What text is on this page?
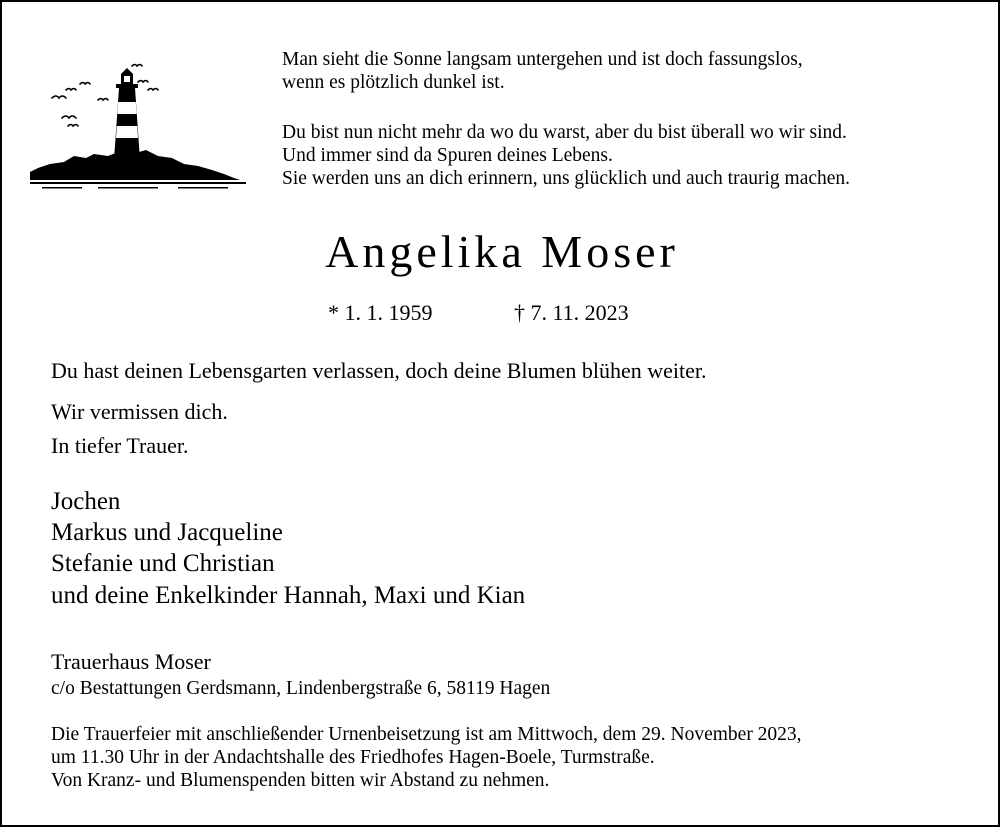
Man sieht die Sonne langsam untergehen und ist doch fassungslos,
wenn es plötzlich dunkel ist.
Du bist nun nicht mehr da wo du warst, aber du bist überall wo wir sind.
Und immer sind da Spuren deines Lebens.
Sie werden uns an dich erinnern, uns glücklich und auch traurig machen.
Angelika Moser
* 1. 1. 1959	† 7. 11. 2023
Du hast deinen Lebensgarten verlassen, doch deine Blumen blühen weiter.
Wir vermissen dich.
In tiefer Trauer.
Jochen
Markus und Jacqueline
Stefanie und Christian
und deine Enkelkinder Hannah, Maxi und Kian
Trauerhaus Moser
c/o Bestattungen Gerdsmann, Lindenbergstraße 6, 58119 Hagen
Die Trauerfeier mit anschließender Urnenbeisetzung ist am Mittwoch, dem 29. November 2023,
um 11.30 Uhr in der Andachtshalle des Friedhofes Hagen-Boele, Turmstraße.
Von Kranz- und Blumenspenden bitten wir Abstand zu nehmen.
